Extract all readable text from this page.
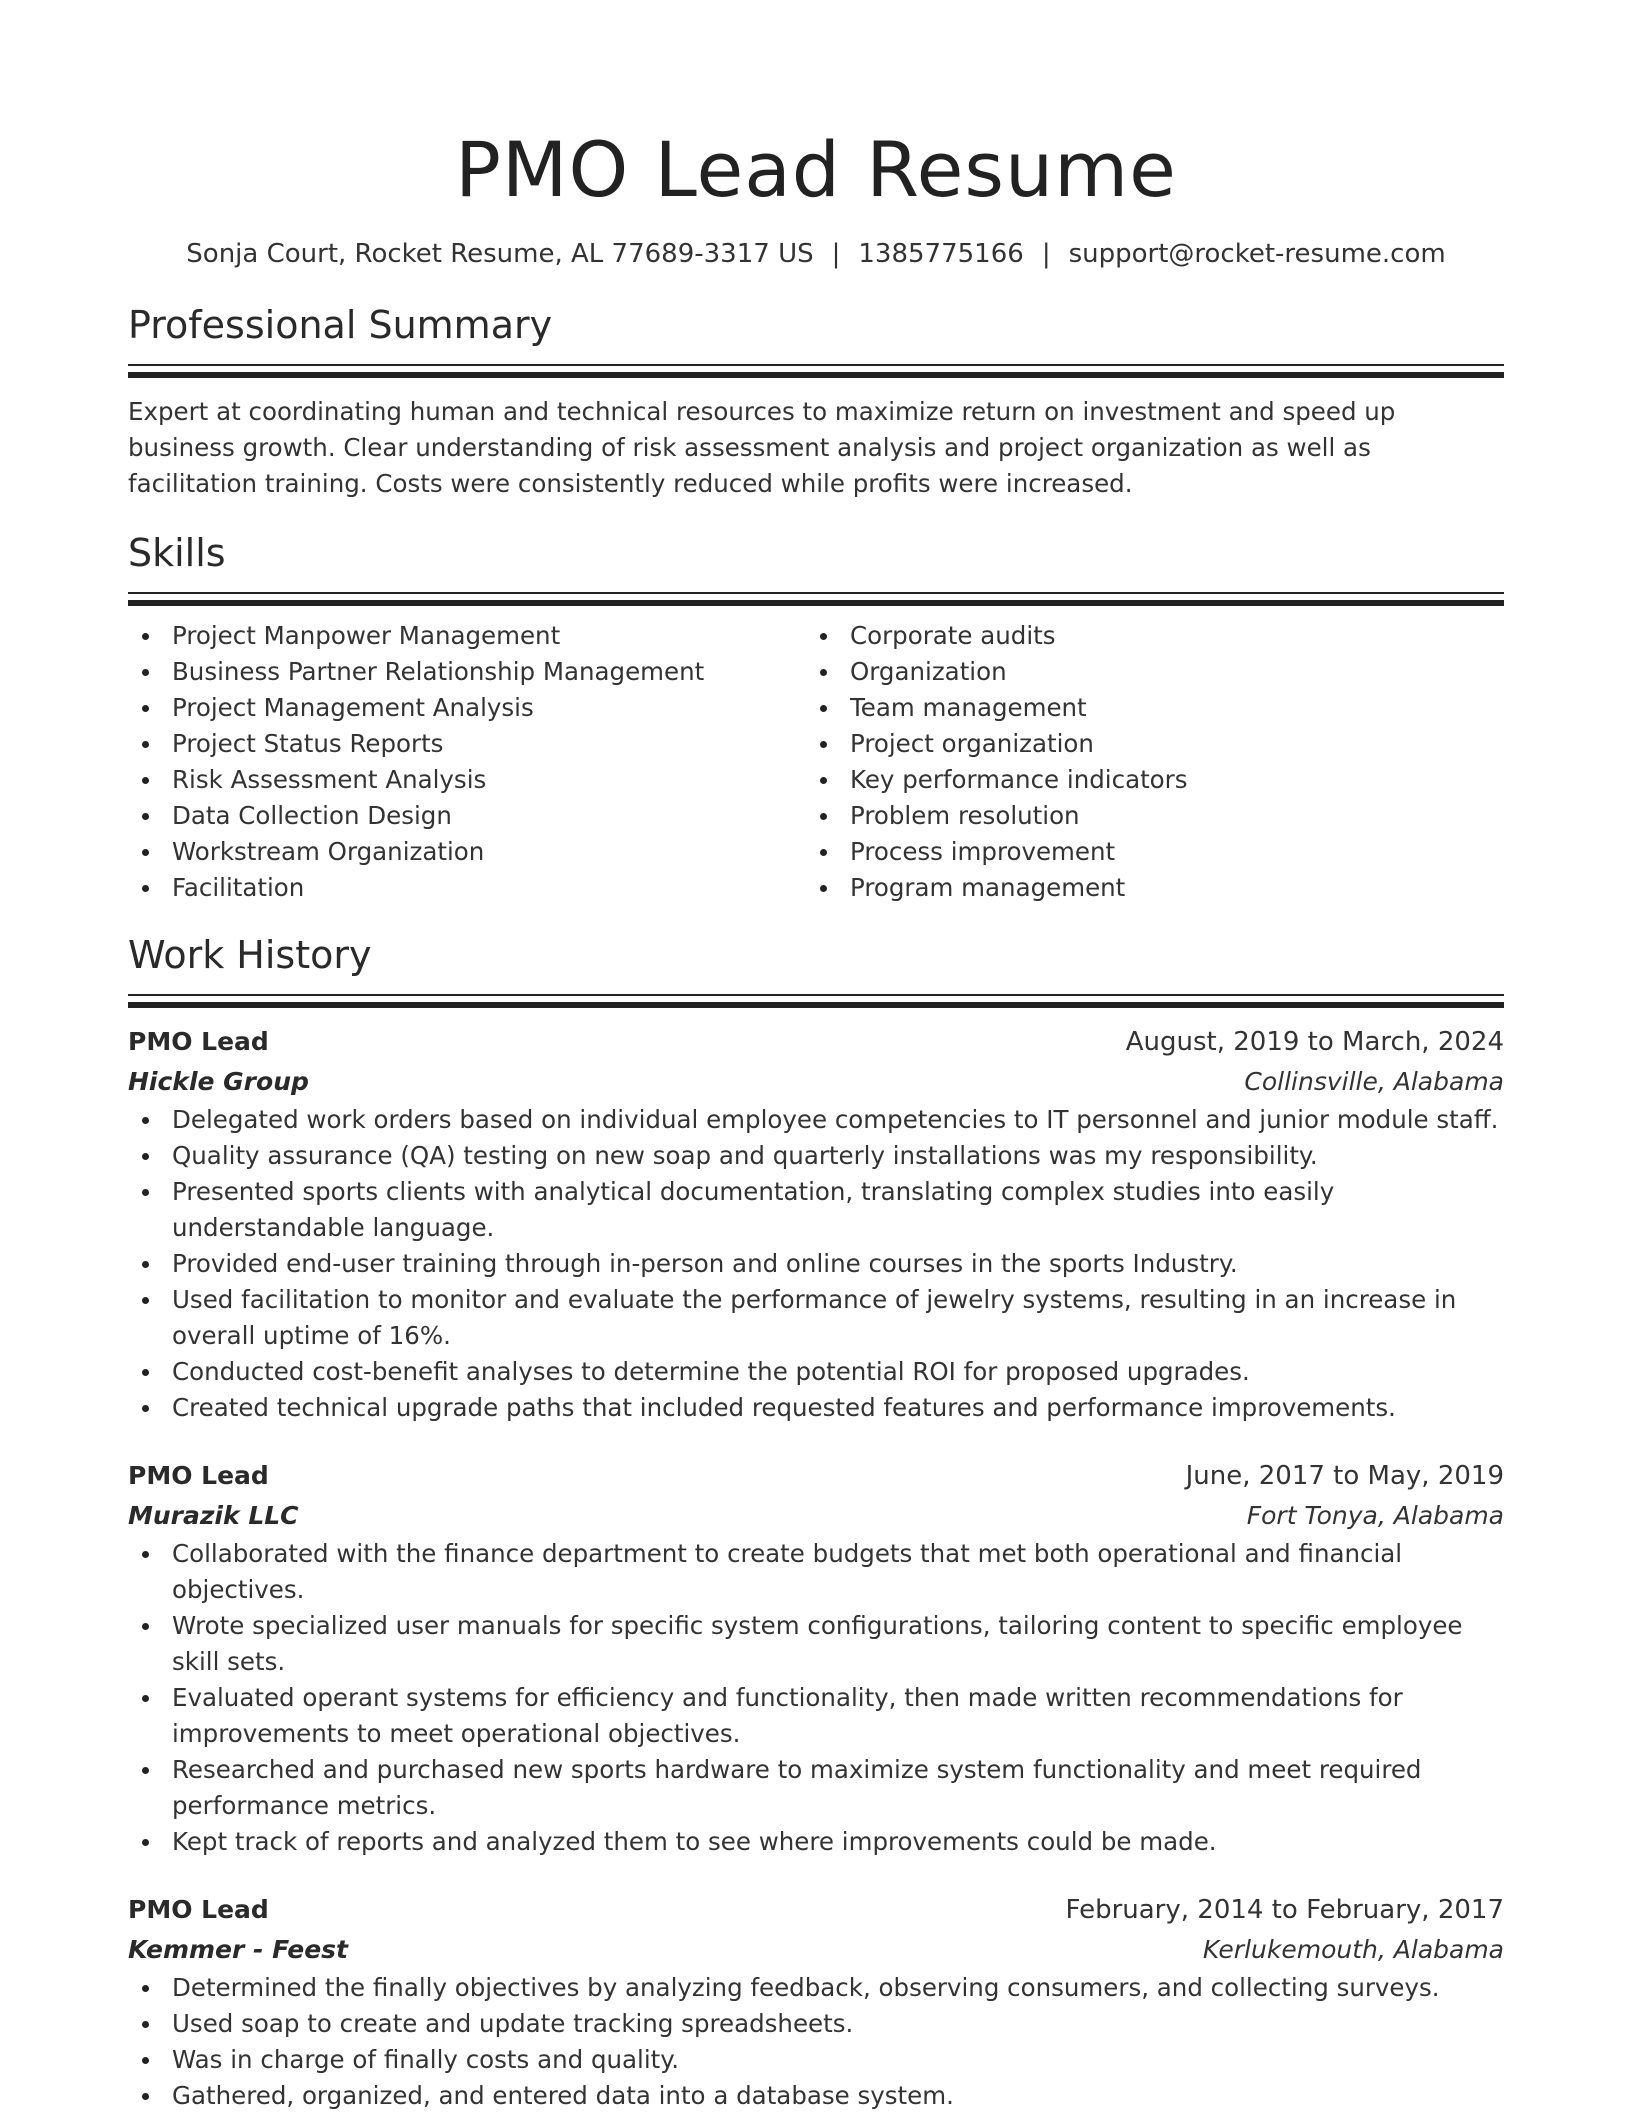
PMO Lead Resume
Sonja Court, Rocket Resume, AL 77689-3317 US | 1385775166 | support@rocket-resume.com
Professional Summary
Expert at coordinating human and technical resources to maximize return on investment and speed up business growth. Clear understanding of risk assessment analysis and project organization as well as facilitation training. Costs were consistently reduced while profits were increased.
Skills
Project Manpower Management
Business Partner Relationship Management
Project Management Analysis
Project Status Reports
Risk Assessment Analysis
Data Collection Design
Workstream Organization
Facilitation
Corporate audits
Organization
Team management
Project organization
Key performance indicators
Problem resolution
Process improvement
Program management
Work History
PMO Lead	August, 2019 to March, 2024
Hickle Group	Collinsville, Alabama
Delegated work orders based on individual employee competencies to IT personnel and junior module staff.
Quality assurance (QA) testing on new soap and quarterly installations was my responsibility.
Presented sports clients with analytical documentation, translating complex studies into easily understandable language.
Provided end-user training through in-person and online courses in the sports Industry.
Used facilitation to monitor and evaluate the performance of jewelry systems, resulting in an increase in overall uptime of 16%.
Conducted cost-benefit analyses to determine the potential ROI for proposed upgrades.
Created technical upgrade paths that included requested features and performance improvements.
PMO Lead	June, 2017 to May, 2019
Murazik LLC	Fort Tonya, Alabama
Collaborated with the finance department to create budgets that met both operational and financial objectives.
Wrote specialized user manuals for specific system configurations, tailoring content to specific employee skill sets.
Evaluated operant systems for efficiency and functionality, then made written recommendations for improvements to meet operational objectives.
Researched and purchased new sports hardware to maximize system functionality and meet required performance metrics.
Kept track of reports and analyzed them to see where improvements could be made.
PMO Lead	February, 2014 to February, 2017
Kemmer - Feest	Kerlukemouth, Alabama
Determined the finally objectives by analyzing feedback, observing consumers, and collecting surveys.
Used soap to create and update tracking spreadsheets.
Was in charge of finally costs and quality.
Gathered, organized, and entered data into a database system.
